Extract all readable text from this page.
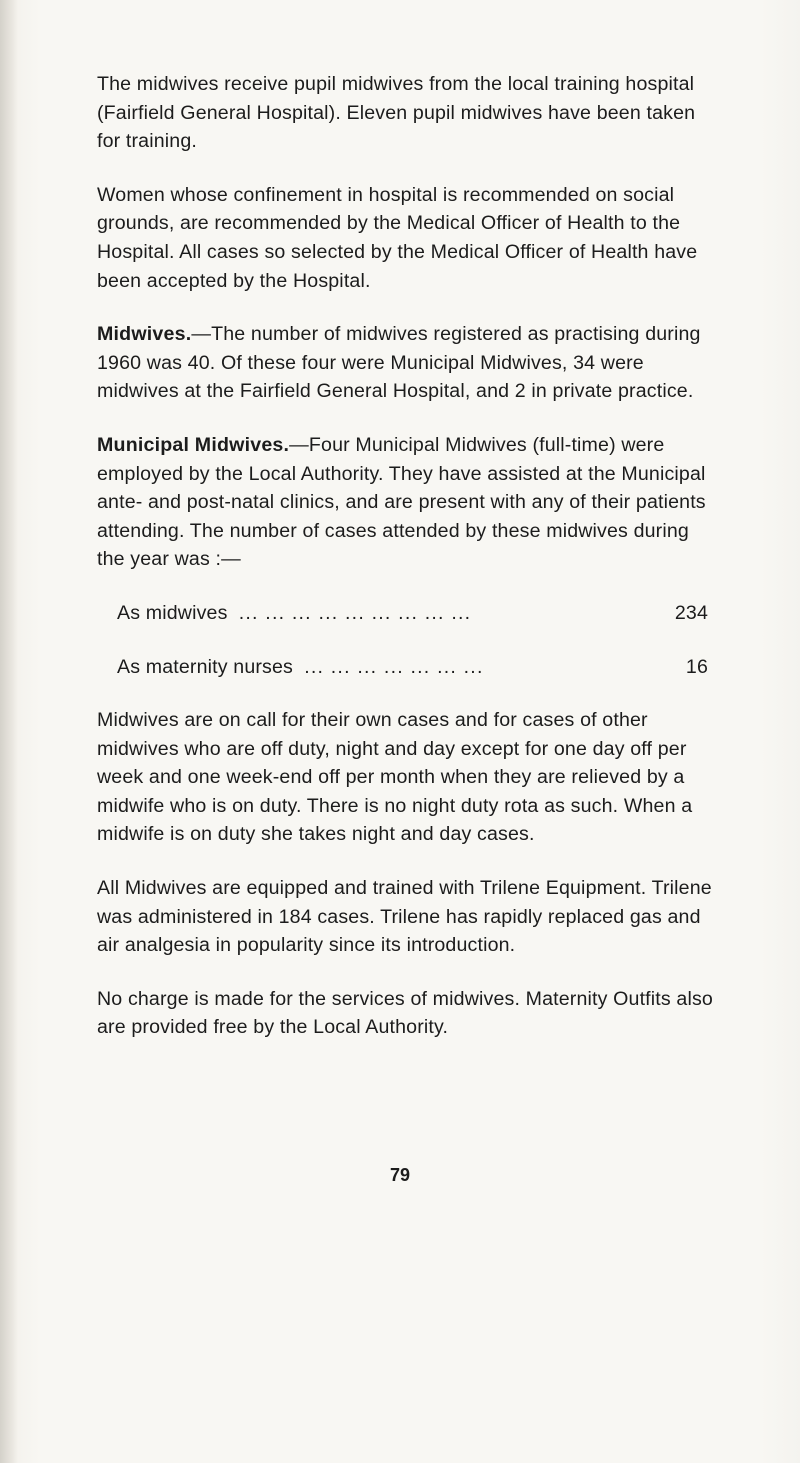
The midwives receive pupil midwives from the local training hospital (Fairfield General Hospital). Eleven pupil midwives have been taken for training.

Women whose confinement in hospital is recommended on social grounds, are recommended by the Medical Officer of Health to the Hospital. All cases so selected by the Medical Officer of Health have been accepted by the Hospital.

Midwives.—The number of midwives registered as practising during 1960 was 40. Of these four were Municipal Midwives, 34 were midwives at the Fairfield General Hospital, and 2 in private practice.

Municipal Midwives.—Four Municipal Midwives (full-time) were employed by the Local Authority. They have assisted at the Municipal ante- and post-natal clinics, and are present with any of their patients attending. The number of cases attended by these midwives during the year was :—

As midwives ... ... ... ... ... ... ... ... ...	234
As maternity nurses ... ... ... ... ... ... ...	16

Midwives are on call for their own cases and for cases of other midwives who are off duty, night and day except for one day off per week and one week-end off per month when they are relieved by a midwife who is on duty. There is no night duty rota as such. When a midwife is on duty she takes night and day cases.

All Midwives are equipped and trained with Trilene Equipment. Trilene was administered in 184 cases. Trilene has rapidly replaced gas and air analgesia in popularity since its introduction.

No charge is made for the services of midwives. Maternity Outfits also are provided free by the Local Authority.

79
